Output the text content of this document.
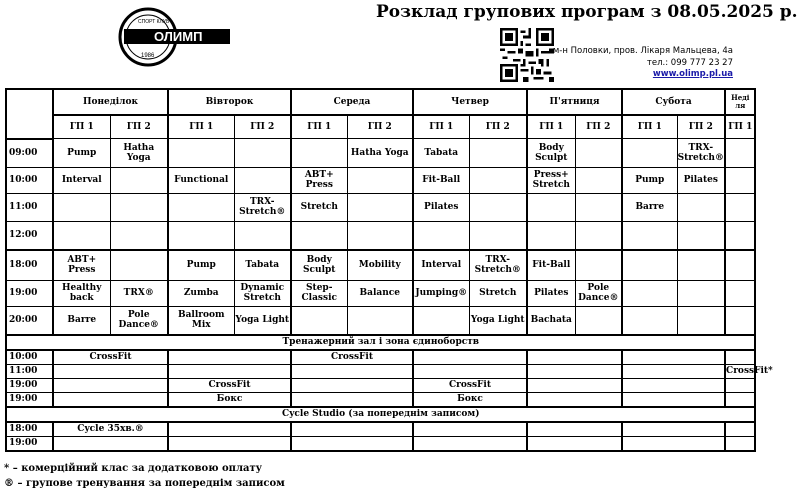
Розклад групових програм з 08.05.2025 р.
ОЛИМП
СПОРТ КЛУБ
1986	м-н Половки, пров. Лікаря Мальцева, 4а
тел.: 099 777 23 27
www.olimp.pl.ua
	Понеділок		Вівторок		Середа		Четвер		П'ятниця		Субота		Неді ля	
	ГП 1	ГП 2	ГП 1	ГП 2	ГП 1	ГП 2	ГП 1	ГП 2	ГП 1	ГП 2	ГП 1	ГП 2	ГП 1	
09:00	Pump	Hatha Yoga				Hatha Yoga	Tabata		Body Sculpt			TRX-Stretch®		
10:00	Interval		Functional		ABT+ Press		Fit-Ball		Press+ Stretch		Pump	Pilates		
11:00				TRX-Stretch®	Stretch		Pilates				Barre			
12:00														
18:00	ABT+ Press		Pump	Tabata	Body Sculpt	Mobility	Interval	TRX-Stretch®	Fit-Ball					
19:00	Healthy back	TRX®	Zumba	Dynamic Stretch	Step-Classic	Balance	Jumping®	Stretch	Pilates	Pole Dance®				
20:00	Barre	Pole Dance®	Ballroom Mix	Yoga Light				Yoga Light	Bachata					
Тренажерний зал і зона єдиноборств														
10:00	CrossFit				CrossFit									
11:00													CrossFit*	
19:00			CrossFit				CrossFit							
19:00			Бокс				Бокс							
Cycle Studio (за попереднім записом)														
18:00	Cycle 35хв.®													
19:00														
* – комерційний клас за додатковою оплату
® – групове тренування за попереднім записом
